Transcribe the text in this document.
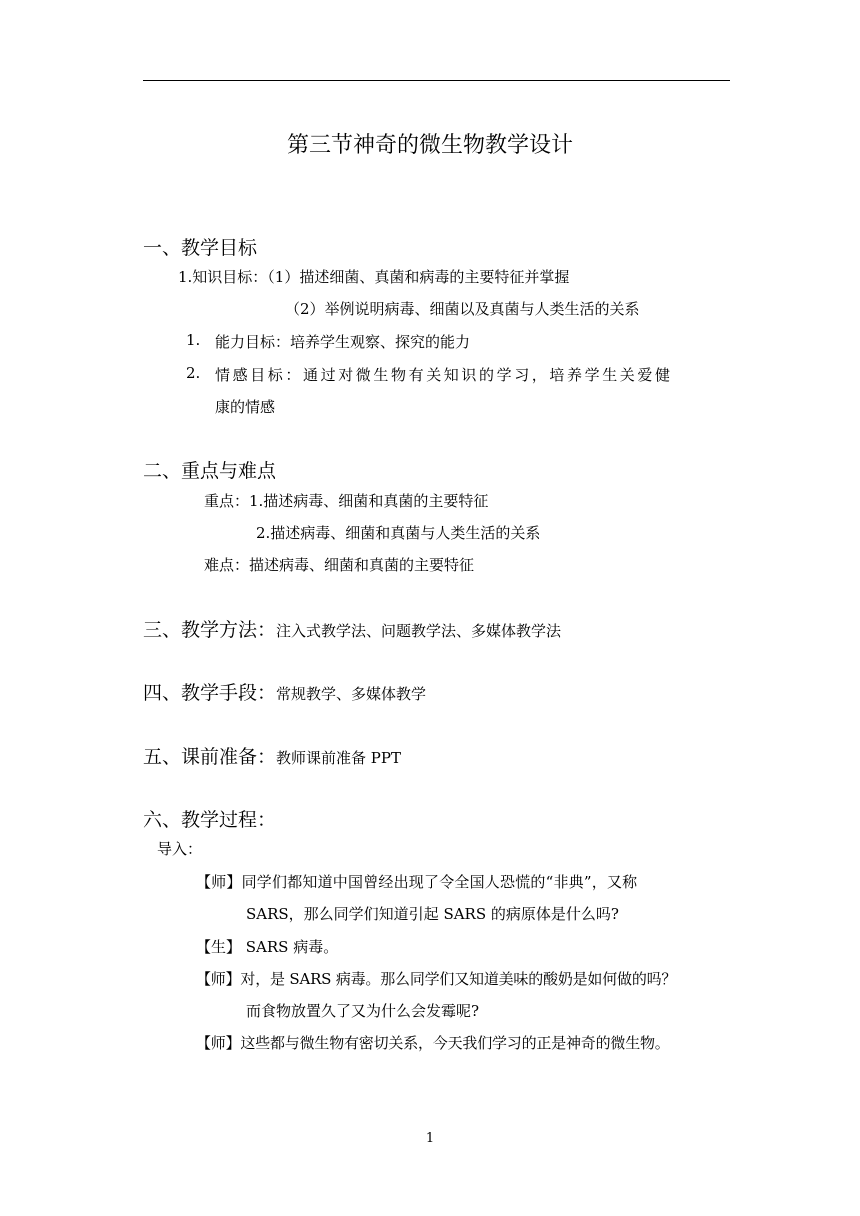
第三节神奇的微生物教学设计
一、教学目标
1.知识目标：（1）描述细菌、真菌和病毒的主要特征并掌握
（2）举例说明病毒、细菌以及真菌与人类生活的关系
1. 能力目标：培养学生观察、探究的能力
2. 情感目标：通过对微生物有关知识的学习，培养学生关爱健
康的情感
二、重点与难点
重点：1.描述病毒、细菌和真菌的主要特征
2.描述病毒、细菌和真菌与人类生活的关系
难点：描述病毒、细菌和真菌的主要特征
三、教学方法：注入式教学法、问题教学法、多媒体教学法
四、教学手段：常规教学、多媒体教学
五、课前准备：教师课前准备 PPT
六、教学过程：
导入：
【师】同学们都知道中国曾经出现了令全国人恐慌的“非典”，又称
SARS，那么同学们知道引起 SARS 的病原体是什么吗?
【生】 SARS 病毒。
【师】对，是 SARS 病毒。那么同学们又知道美味的酸奶是如何做的吗？
而食物放置久了又为什么会发霉呢?
【师】这些都与微生物有密切关系，今天我们学习的正是神奇的微生物。
1
